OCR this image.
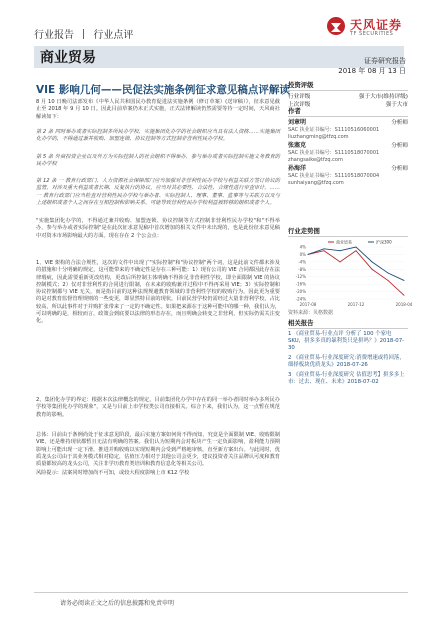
行业报告 行业点评
天风证券
TF SECURITIES
商业贸易	证券研究报告
2018 年 08 月 13 日
VIE 影响几何——民促法实施条例征求意见稿点评解读
8 月 10 日晚司法部发布《中华人民共和国民办教育促进法实施条例（修订草案）(送审稿）》，征求意见截止至 2018 年 9 月 10 日。因此目前草案仍未正式实施，正式法律解读仍然需要等待一定时间，天风商社解读如下：
第 2 条 同时举办或者实际控制多所民办学校、实施集团化办学的社会组织应当具有法人资格……实施集团化办学的，不得通过兼并收购、加盟连锁、协议控制等方式控制非营利性民办学校。
第 5 条 外商投资企业以及外方为实际控制人的社会组织不得举办、参与举办或者实际控制实施义务教育的民办学校
第 12 条 一 教育行政部门、人力资源社会保障部门应当加强对非营利性民办学校与利益关联方签订协议的监管，对涉及重大利益或者长期、反复执行的协议，应当对其必要性、合法性、合规性进行审查审计。……一 教育行政部门应当检查对营利性民办学校与举办者、实际控制人、理事、董事、监事等与关联方以及与上述组织或者个人之间存在互相控制和影响关系、可能导致营利性民办学校利益被转移的组织或者个人。
"实施集团化办学的，不得通过兼并收购、加盟连锁、协议控制等方式控制非营利性民办学校"和"不得举办、参与举办或者实际控制"是在此次征求意见稿中首次增加的相关文件中未出现的，也是此份征求意见稿中对资本市场影响最大的方面。现在存在 2 个公会点：
1、VIE 架构的合法合规性，这次的文件中出现了"实际控制"和"协议控制"两个词，这是此前文件都未涉及的措施和十分明确的规定，这可能带来的不确定性是存在三种可能：1）现有公司的 VIE 合同都因此存在法律瑕疵，因此需要重新更改结构，更改后所控制主体明确不得涉足非营利性学校，即全面限制 VIE 的协议控制模式；2）仅对非营利性的合同进行限制，在未来的收购兼并过程中不得再采用 VIE；3）实际控制和协议控制都与 VIE 无关，而是指目前的这种法规规避教育领域的非营利性学校的收购行为，因此更为重要的是对教育监督管理规则的一些变更，即显然特目前的现状。目前民营学校仍需经过大量非营利学校，占比较高，所以此事件对于并购扩张带来了一定的不确定性。如果把来源在于这种可能中的哪一种，我们认为，可以明确的是，相较而言，政策会到底要以法律的形态存在，而且明确会转变之非营利，但实际仍需关注变化。
2、集团化办学的界定：根据本次法律概念的规定，目前集团化办学中存在的同一举办者同时举办多所民办学校等集团化办学的现象"，又是与目前上市学校类公司直接相关。综合下来，我们认为，这一点暂在规范教育的影响。
总体：目前由于条例尚处于征求意见阶段，最后实施方案如何尚不得而知，究竟是全面限制 VIE、收购限制 VIE，还是维持现状都暂且无法有明确的答案。我们认为短期内会对板块产生一定负面影响，盈利能力预期影响上可能出现一定下滑，推进并购收购以实现短期内会受到严格地审核，直至新方案出台。与此同时，优质龙头公司由于其业务模式相对稳定，估值压力相对于其他公司会更少，建议投资者关注品牌认可度和教育质量都较高的龙头公司，关注非学历教育类培训和教育信息化等相关公司。
风险提示：法案同时增加尚不可知，或较大程度影响上市 K12 学校
投资评级
行业评级	强于大市(维持评级)
上次评级	强于大市
作者
刘章明	分析师
SAC 执业证书编号：S1110516060001
liuzhangming@tfzq.com
张塞克	分析师
SAC 执业证书编号：S1110518070001
zhangsaike@tfzq.com
孙海洋	分析师
SAC 执业证书编号：S1110518070004
sunhaiyang@tfzq.com
行业走势图
4%
0%
-4%
-8%
-12%
-16%
-20%
-24%
2017-08	2017-12	2018-04
商业贸易	沪深300
资料来源：贝格数据
相关报告
1 《商业贸易-行业点评 分析了 100 个家电 SKU，拼多多真的暴利货只是拼吗？》2018-07-30
2 《商业贸易-行业深度研究:消费增速或将回落，细择板块优质龙头》2018-07-26
3 《商业贸易-行业深度研究 估值思考】拼多多上市：过去、现在、未来》2018-07-02
请务必阅读正文之后的信息披露和免责申明
